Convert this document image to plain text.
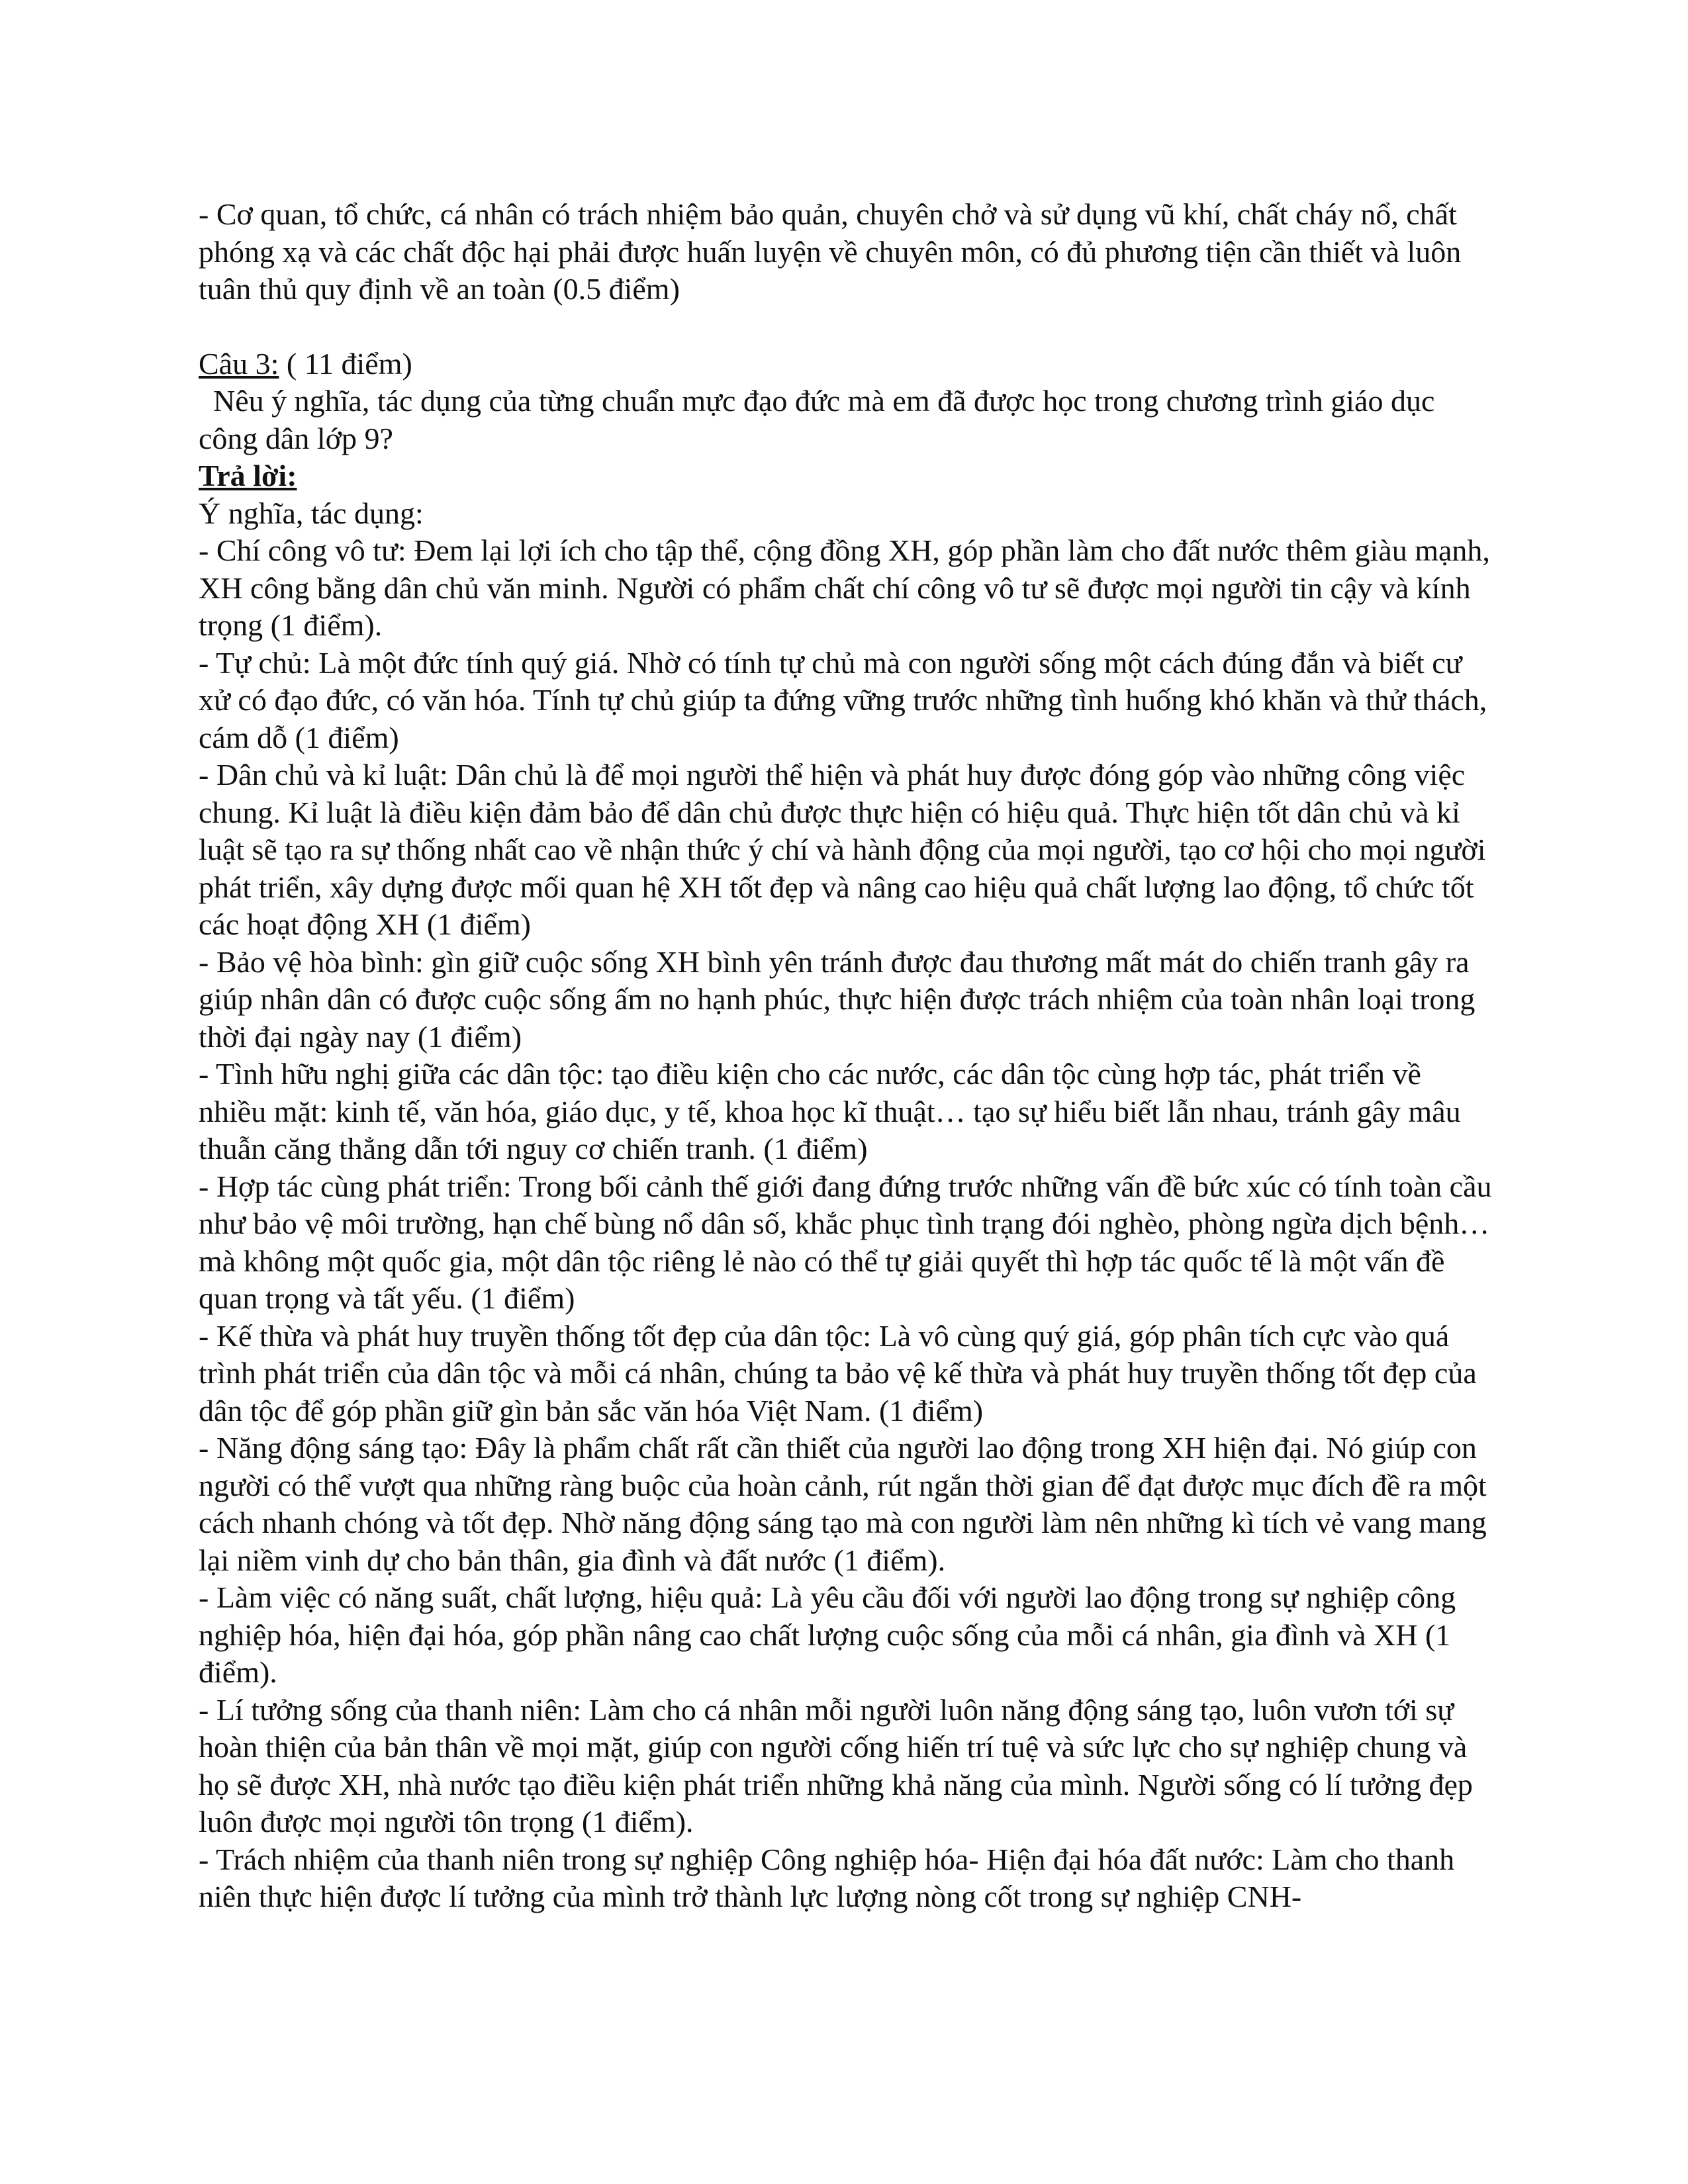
- Cơ quan, tổ chức, cá nhân có trách nhiệm bảo quản, chuyên chở và sử dụng vũ khí, chất cháy nổ, chất phóng xạ và các chất độc hại phải được huấn luyện về chuyên môn, có đủ phương tiện cần thiết và luôn tuân thủ quy định về an toàn (0.5 điểm)

Câu 3: ( 11 điểm)

Nêu ý nghĩa, tác dụng của từng chuẩn mực đạo đức mà em đã được học trong chương trình giáo dục công dân lớp 9?

Trả lời:

Ý nghĩa, tác dụng:

- Chí công vô tư: Đem lại lợi ích cho tập thể, cộng đồng XH, góp phần làm cho đất nước thêm giàu mạnh, XH công bằng dân chủ văn minh. Người có phẩm chất chí công vô tư sẽ được mọi người tin cậy và kính trọng (1 điểm).

- Tự chủ: Là một đức tính quý giá. Nhờ có tính tự chủ mà con người sống một cách đúng đắn và biết cư xử có đạo đức, có văn hóa. Tính tự chủ giúp ta đứng vững trước những tình huống khó khăn và thử thách, cám dỗ (1 điểm)

- Dân chủ và kỉ luật: Dân chủ là để mọi người thể hiện và phát huy được đóng góp vào những công việc chung. Kỉ luật là điều kiện đảm bảo để dân chủ được thực hiện có hiệu quả. Thực hiện tốt dân chủ và kỉ luật sẽ tạo ra sự thống nhất cao về nhận thức ý chí và hành động của mọi người, tạo cơ hội cho mọi người phát triển, xây dựng được mối quan hệ XH tốt đẹp và nâng cao hiệu quả chất lượng lao động, tổ chức tốt các hoạt động XH (1 điểm)

- Bảo vệ hòa bình: gìn giữ cuộc sống XH bình yên tránh được đau thương mất mát do chiến tranh gây ra giúp nhân dân có được cuộc sống ấm no hạnh phúc, thực hiện được trách nhiệm của toàn nhân loại trong thời đại ngày nay (1 điểm)

- Tình hữu nghị giữa các dân tộc: tạo điều kiện cho các nước, các dân tộc cùng hợp tác, phát triển về nhiều mặt: kinh tế, văn hóa, giáo dục, y tế, khoa học kĩ thuật… tạo sự hiểu biết lẫn nhau, tránh gây mâu thuẫn căng thẳng dẫn tới nguy cơ chiến tranh. (1 điểm)

- Hợp tác cùng phát triển: Trong bối cảnh thế giới đang đứng trước những vấn đề bức xúc có tính toàn cầu như bảo vệ môi trường, hạn chế bùng nổ dân số, khắc phục tình trạng đói nghèo, phòng ngừa dịch bệnh…mà không một quốc gia, một dân tộc riêng lẻ nào có thể tự giải quyết thì hợp tác quốc tế là một vấn đề quan trọng và tất yếu. (1 điểm)

- Kế thừa và phát huy truyền thống tốt đẹp của dân tộc: Là vô cùng quý giá, góp phân tích cực vào quá trình phát triển của dân tộc và mỗi cá nhân, chúng ta bảo vệ kế thừa và phát huy truyền thống tốt đẹp của dân tộc để góp phần giữ gìn bản sắc văn hóa Việt Nam. (1 điểm)

- Năng động sáng tạo: Đây là phẩm chất rất cần thiết của người lao động trong XH hiện đại. Nó giúp con người có thể vượt qua những ràng buộc của hoàn cảnh, rút ngắn thời gian để đạt được mục đích đề ra một cách nhanh chóng và tốt đẹp. Nhờ năng động sáng tạo mà con người làm nên những kì tích vẻ vang mang lại niềm vinh dự cho bản thân, gia đình và đất nước (1 điểm).

- Làm việc có năng suất, chất lượng, hiệu quả: Là yêu cầu đối với người lao động trong sự nghiệp công nghiệp hóa, hiện đại hóa, góp phần nâng cao chất lượng cuộc sống của mỗi cá nhân, gia đình và XH (1 điểm).

- Lí tưởng sống của thanh niên: Làm cho cá nhân mỗi người luôn năng động sáng tạo, luôn vươn tới sự hoàn thiện của bản thân về mọi mặt, giúp con người cống hiến trí tuệ và sức lực cho sự nghiệp chung và họ sẽ được XH, nhà nước tạo điều kiện phát triển những khả năng của mình. Người sống có lí tưởng đẹp luôn được mọi người tôn trọng (1 điểm).

- Trách nhiệm của thanh niên trong sự nghiệp Công nghiệp hóa- Hiện đại hóa đất nước: Làm cho thanh niên thực hiện được lí tưởng của mình trở thành lực lượng nòng cốt trong sự nghiệp CNH-
